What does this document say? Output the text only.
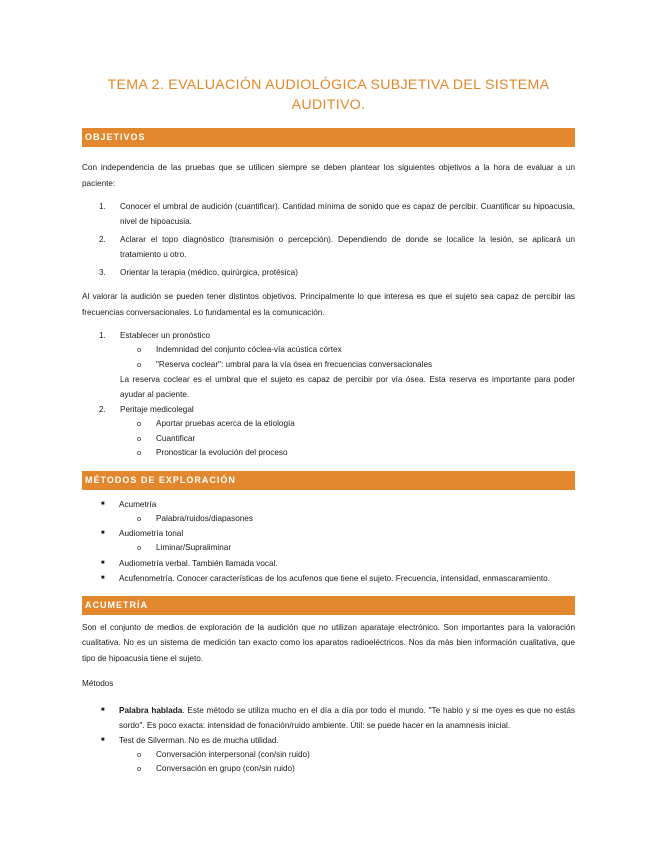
TEMA 2. EVALUACIÓN AUDIOLÓGICA SUBJETIVA DEL SISTEMA AUDITIVO.
OBJETIVOS

Con independencia de las pruebas que se utilicen siempre se deben plantear los siguientes objetivos a la hora de evaluar a un paciente:

1. Conocer el umbral de audición (cuantificar). Cantidad mínima de sonido que es capaz de percibir. Cuantificar su hipoacusia, nivel de hipoacusia.
2. Aclarar el topo diagnóstico (transmisión o percepción). Dependiendo de donde se localice la lesión, se aplicará un tratamiento u otro.
3. Orientar la terapia (médico, quirúrgica, protésica)

Al valorar la audición se pueden tener distintos objetivos. Principalmente lo que interesa es que el sujeto sea capaz de percibir las frecuencias conversacionales. Lo fundamental es la comunicación.

1. Establecer un pronóstico
o Indemnidad del conjunto cóclea-vía acústica córtex
o "Reserva coclear": umbral para la vía ósea en frecuencias conversacionales
La reserva coclear es el umbral que el sujeto es capaz de percibir por vía ósea. Esta reserva es importante para poder ayudar al paciente.
2. Peritaje medicolegal
o Aportar pruebas acerca de la etiología
o Cuantificar
o Pronosticar la evolución del proceso
MÉTODOS DE EXPLORACIÓN
■ Acumetría
o Palabra/ruidos/diapasones
■ Audiometría tonal
o Liminar/Supraliminar
■ Audiometría verbal. También llamada vocal.
■ Acufenometría. Conocer características de los acufenos que tiene el sujeto. Frecuencia, intensidad, enmascaramiento.
ACUMETRÍA

Son el conjunto de medios de exploración de la audición que no utilizan aparataje electrónico. Son importantes para la valoración cualitativa. No es un sistema de medición tan exacto como los aparatos radioeléctricos. Nos da más bien información cualitativa, que tipo de hipoacusia tiene el sujeto.

Métodos

■ Palabra hablada. Este método se utiliza mucho en el día a día por todo el mundo. "Te hablo y si me oyes es que no estás sordo". Es poco exacta: intensidad de fonación/ruido ambiente. Útil: se puede hacer en la anamnesis inicial.
■ Test de Silverman. No es de mucha utilidad.
o Conversación interpersonal (con/sin ruido)
o Conversación en grupo (con/sin ruido)
